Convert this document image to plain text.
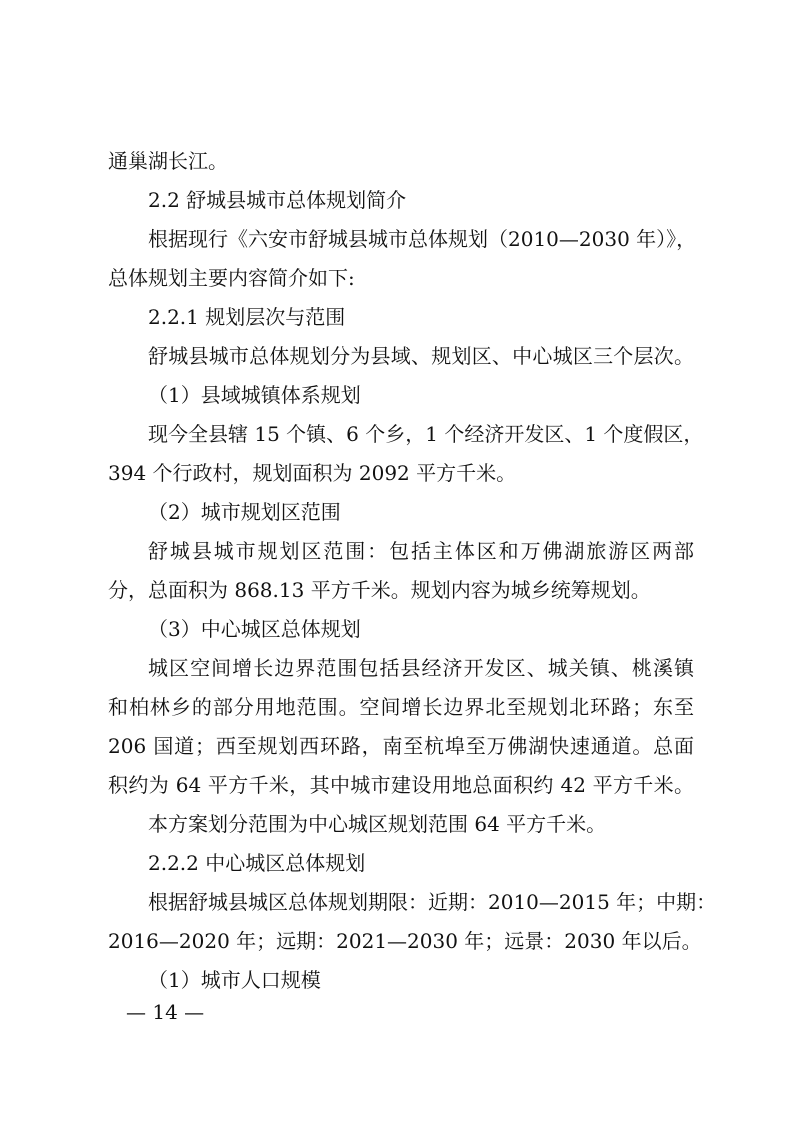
通巢湖长江。
2.2 舒城县城市总体规划简介
根据现行《六安市舒城县城市总体规划（2010—2030 年）》，
总体规划主要内容简介如下:
2.2.1 规划层次与范围
舒城县城市总体规划分为县域、规划区、中心城区三个层次。
（1）县域城镇体系规划
现今全县辖 15 个镇、6 个乡，1 个经济开发区、1 个度假区，
394 个行政村，规划面积为 2092 平方千米。
（2）城市规划区范围
舒城县城市规划区范围：包括主体区和万佛湖旅游区两部
分，总面积为 868.13 平方千米。规划内容为城乡统筹规划。
（3）中心城区总体规划
城区空间增长边界范围包括县经济开发区、城关镇、桃溪镇
和柏林乡的部分用地范围。空间增长边界北至规划北环路；东至
206 国道；西至规划西环路，南至杭埠至万佛湖快速通道。总面
积约为 64 平方千米，其中城市建设用地总面积约 42 平方千米。
本方案划分范围为中心城区规划范围 64 平方千米。
2.2.2 中心城区总体规划
根据舒城县城区总体规划期限：近期：2010—2015 年；中期：
2016—2020 年；远期：2021—2030 年；远景：2030 年以后。
（1）城市人口规模
— 14 —
